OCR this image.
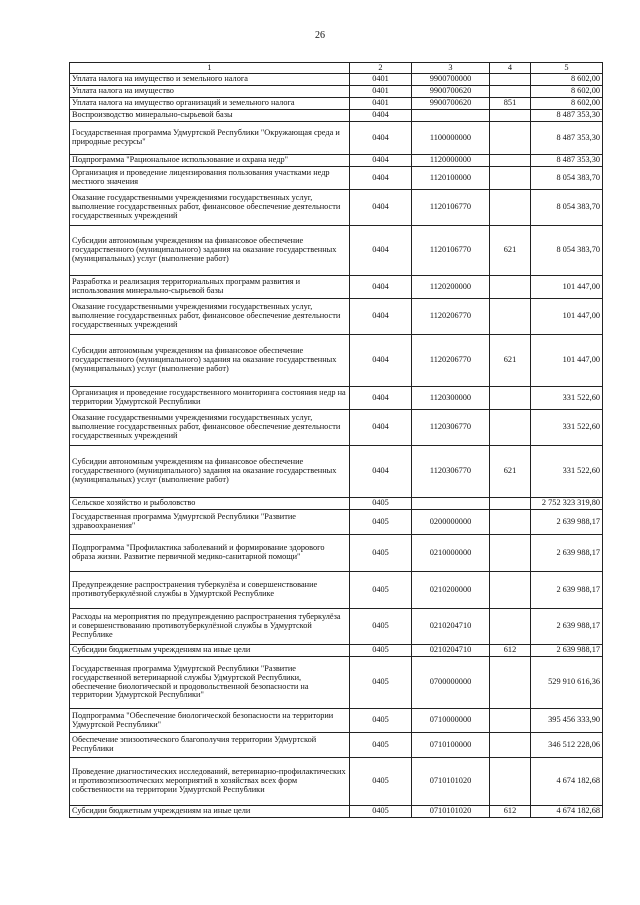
26
1	2	3	4	5
Уплата налога на имущество и земельного налога	0401	9900700000		8 602,00
Уплата налога на имущество	0401	9900700620		8 602,00
Уплата налога на имущество организаций и земельного налога	0401	9900700620	851	8 602,00
Воспроизводство минерально-сырьевой базы	0404			8 487 353,30
Государственная программа Удмуртской Республики "Окружающая среда и природные ресурсы"	0404	1100000000		8 487 353,30
Подпрограмма "Рациональное использование и охрана недр"	0404	1120000000		8 487 353,30
Организация и проведение лицензирования пользования участками недр местного значения	0404	1120100000		8 054 383,70
Оказание государственными учреждениями государственных услуг, выполнение государственных работ, финансовое обеспечение деятельности государственных учреждений	0404	1120106770		8 054 383,70
Субсидии автономным учреждениям на финансовое обеспечение государственного (муниципального) задания на оказание государственных (муниципальных) услуг (выполнение работ)	0404	1120106770	621	8 054 383,70
Разработка и реализация территориальных программ развития и использования минерально-сырьевой базы	0404	1120200000		101 447,00
Оказание государственными учреждениями государственных услуг, выполнение государственных работ, финансовое обеспечение деятельности государственных учреждений	0404	1120206770		101 447,00
Субсидии автономным учреждениям на финансовое обеспечение государственного (муниципального) задания на оказание государственных (муниципальных) услуг (выполнение работ)	0404	1120206770	621	101 447,00
Организация и проведение государственного мониторинга состояния недр на территории Удмуртской Республики	0404	1120300000		331 522,60
Оказание государственными учреждениями государственных услуг, выполнение государственных работ, финансовое обеспечение деятельности государственных учреждений	0404	1120306770		331 522,60
Субсидии автономным учреждениям на финансовое обеспечение государственного (муниципального) задания на оказание государственных (муниципальных) услуг (выполнение работ)	0404	1120306770	621	331 522,60
Сельское хозяйство и рыболовство	0405			2 752 323 319,80
Государственная программа Удмуртской Республики "Развитие здравоохранения"	0405	0200000000		2 639 988,17
Подпрограмма "Профилактика заболеваний и формирование здорового образа жизни. Развитие первичной медико-санитарной помощи"	0405	0210000000		2 639 988,17
Предупреждение распространения туберкулёза и совершенствование противотуберкулёзной службы в Удмуртской Республике	0405	0210200000		2 639 988,17
Расходы на мероприятия по предупреждению распространения туберкулёза и совершенствованию противотуберкулёзной службы в Удмуртской Республике	0405	0210204710		2 639 988,17
Субсидии бюджетным учреждениям на иные цели	0405	0210204710	612	2 639 988,17
Государственная программа Удмуртской Республики "Развитие государственной ветеринарной службы Удмуртской Республики, обеспечение биологической и продовольственной безопасности на территории Удмуртской Республики"	0405	0700000000		529 910 616,36
Подпрограмма "Обеспечение биологической безопасности на территории Удмуртской Республики"	0405	0710000000		395 456 333,90
Обеспечение эпизоотического благополучия территории Удмуртской Республики	0405	0710100000		346 512 228,06
Проведение диагностических исследований, ветеринарно-профилактических и противоэпизоотических мероприятий в хозяйствах всех форм собственности на территории Удмуртской Республики	0405	0710101020		4 674 182,68
Субсидии бюджетным учреждениям на иные цели	0405	0710101020	612	4 674 182,68
